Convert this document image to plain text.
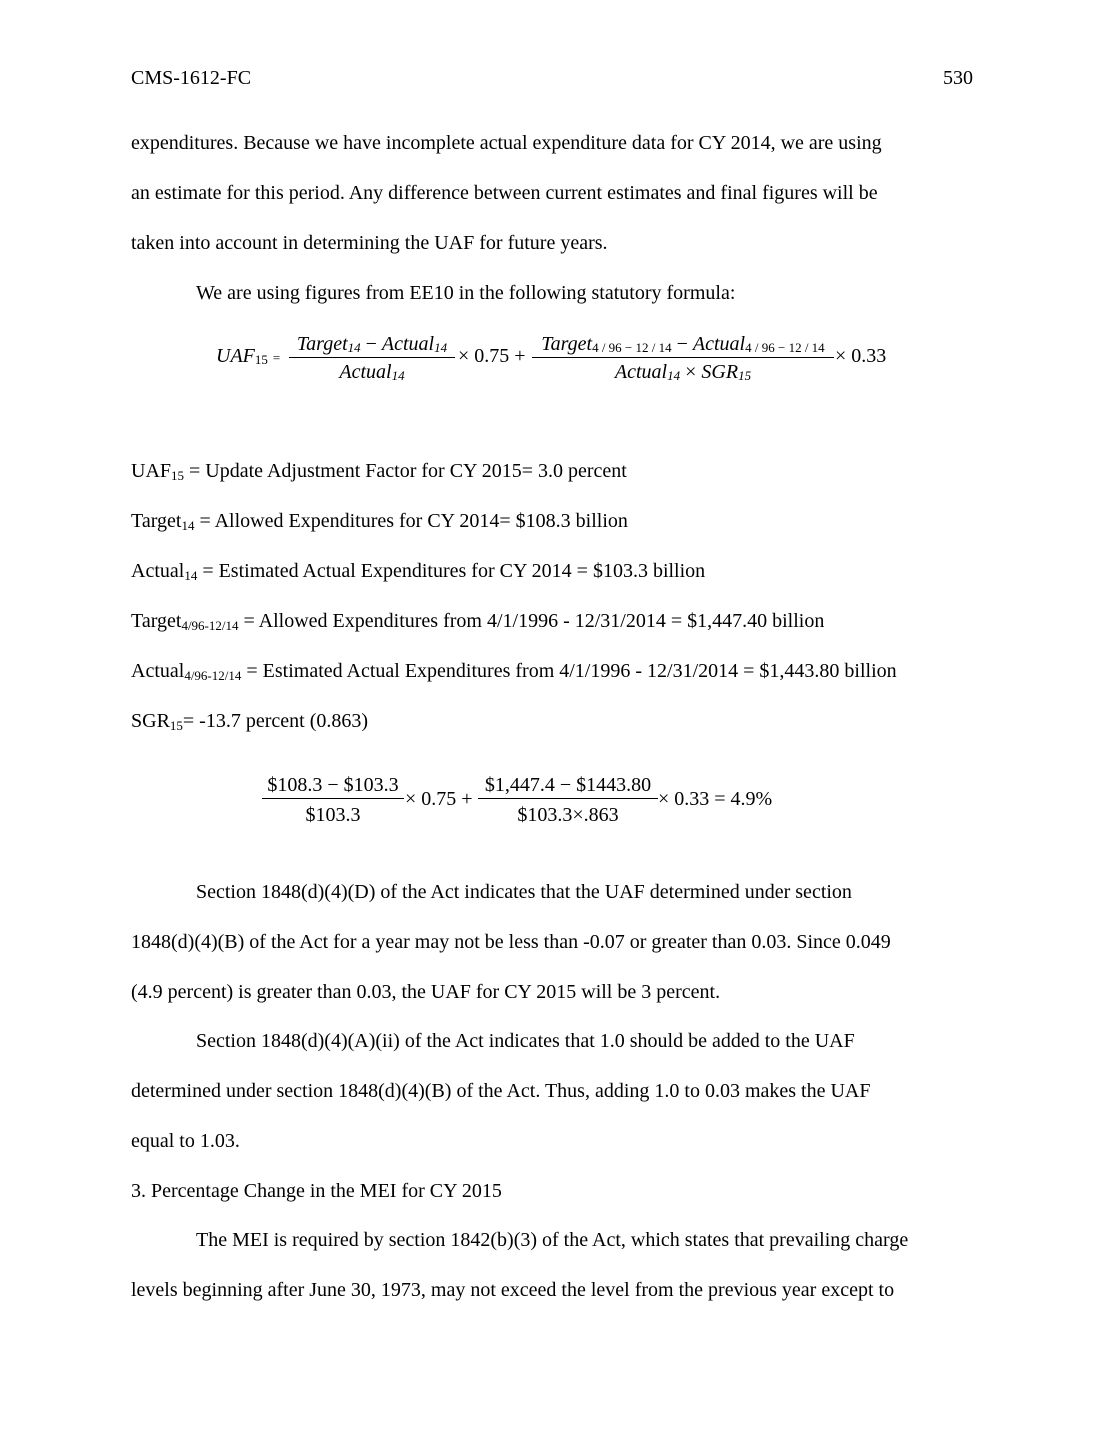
CMS-1612-FC	530
expenditures. Because we have incomplete actual expenditure data for CY 2014, we are using
an estimate for this period. Any difference between current estimates and final figures will be
taken into account in determining the UAF for future years.
We are using figures from EE10 in the following statutory formula:
UAF15 =
Target14 − Actual14
Actual14
× 0.75 +
Target4 / 96 − 12 / 14 − Actual4 / 96 − 12 / 14
Actual14 × SGR15
× 0.33
$UAF_{15}$ = Update Adjustment Factor for CY 2015= 3.0 percent
Target$_{14}$ = Allowed Expenditures for CY 2014= $108.3 billion
Actual$_{14}$ = Estimated Actual Expenditures for CY 2014 = $103.3 billion
Target$_{4/96-12/14}$ = Allowed Expenditures from 4/1/1996 - 12/31/2014 = $1,447.40 billion
Actual$_{4/96-12/14}$ = Estimated Actual Expenditures from 4/1/1996 - 12/31/2014 = $1,443.80 billion
$SGR_{15}= -13.7$ percent (0.863)
$108.3 − $103.3
$103.3
× 0.75 +
$1,447.4 − $1443.80
$103.3×.863
× 0.33 = 4.9%
Section 1848(d)(4)(D) of the Act indicates that the UAF determined under section
1848(d)(4)(B) of the Act for a year may not be less than -0.07 or greater than 0.03. Since 0.049
(4.9 percent) is greater than 0.03, the UAF for CY 2015 will be 3 percent.
Section 1848(d)(4)(A)(ii) of the Act indicates that 1.0 should be added to the UAF
determined under section 1848(d)(4)(B) of the Act. Thus, adding 1.0 to 0.03 makes the UAF
equal to 1.03.
3. Percentage Change in the MEI for CY 2015
The MEI is required by section 1842(b)(3) of the Act, which states that prevailing charge
levels beginning after June 30, 1973, may not exceed the level from the previous year except to
